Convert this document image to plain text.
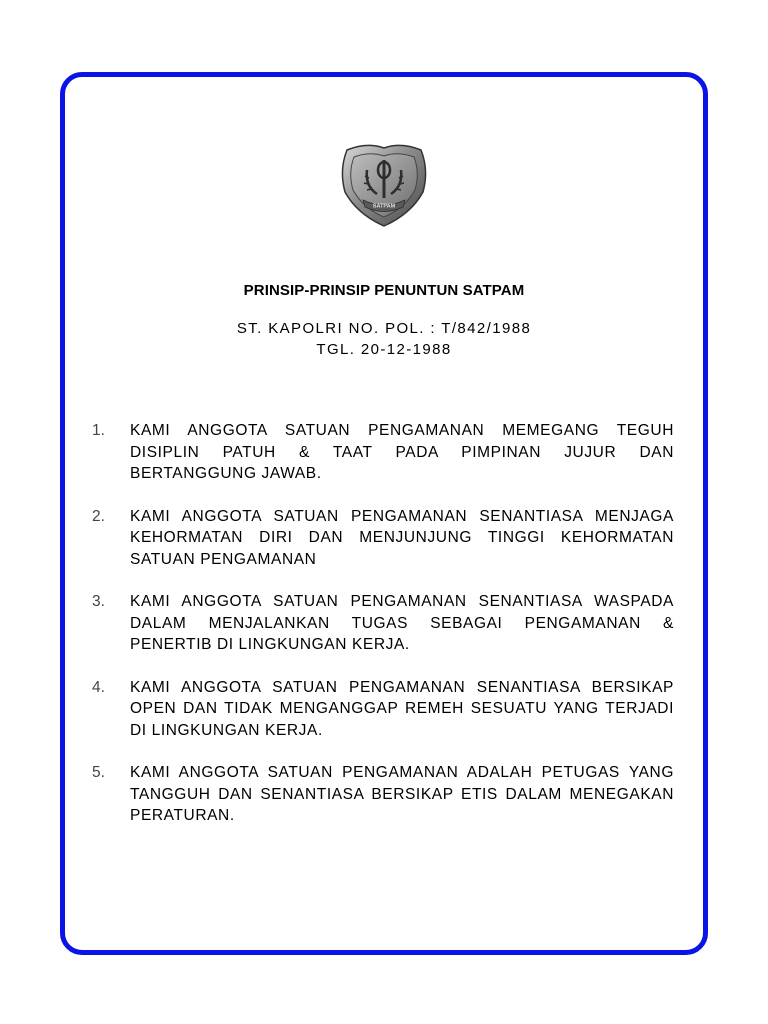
SATPAM
PRINSIP-PRINSIP PENUNTUN SATPAM
ST. KAPOLRI NO. POL. : T/842/1988
TGL. 20-12-1988
1. KAMI ANGGOTA SATUAN PENGAMANAN MEMEGANG TEGUH DISIPLIN PATUH & TAAT PADA PIMPINAN JUJUR DAN BERTANGGUNG JAWAB.
2. KAMI ANGGOTA SATUAN PENGAMANAN SENANTIASA MENJAGA KEHORMATAN DIRI DAN MENJUNJUNG TINGGI KEHORMATAN SATUAN PENGAMANAN
3. KAMI ANGGOTA SATUAN PENGAMANAN SENANTIASA WASPADA DALAM MENJALANKAN TUGAS SEBAGAI PENGAMANAN & PENERTIB DI LINGKUNGAN KERJA.
4. KAMI ANGGOTA SATUAN PENGAMANAN SENANTIASA BERSIKAP OPEN DAN TIDAK MENGANGGAP REMEH SESUATU YANG TERJADI DI LINGKUNGAN KERJA.
5. KAMI ANGGOTA SATUAN PENGAMANAN ADALAH PETUGAS YANG TANGGUH DAN SENANTIASA BERSIKAP ETIS DALAM MENEGAKAN PERATURAN.
